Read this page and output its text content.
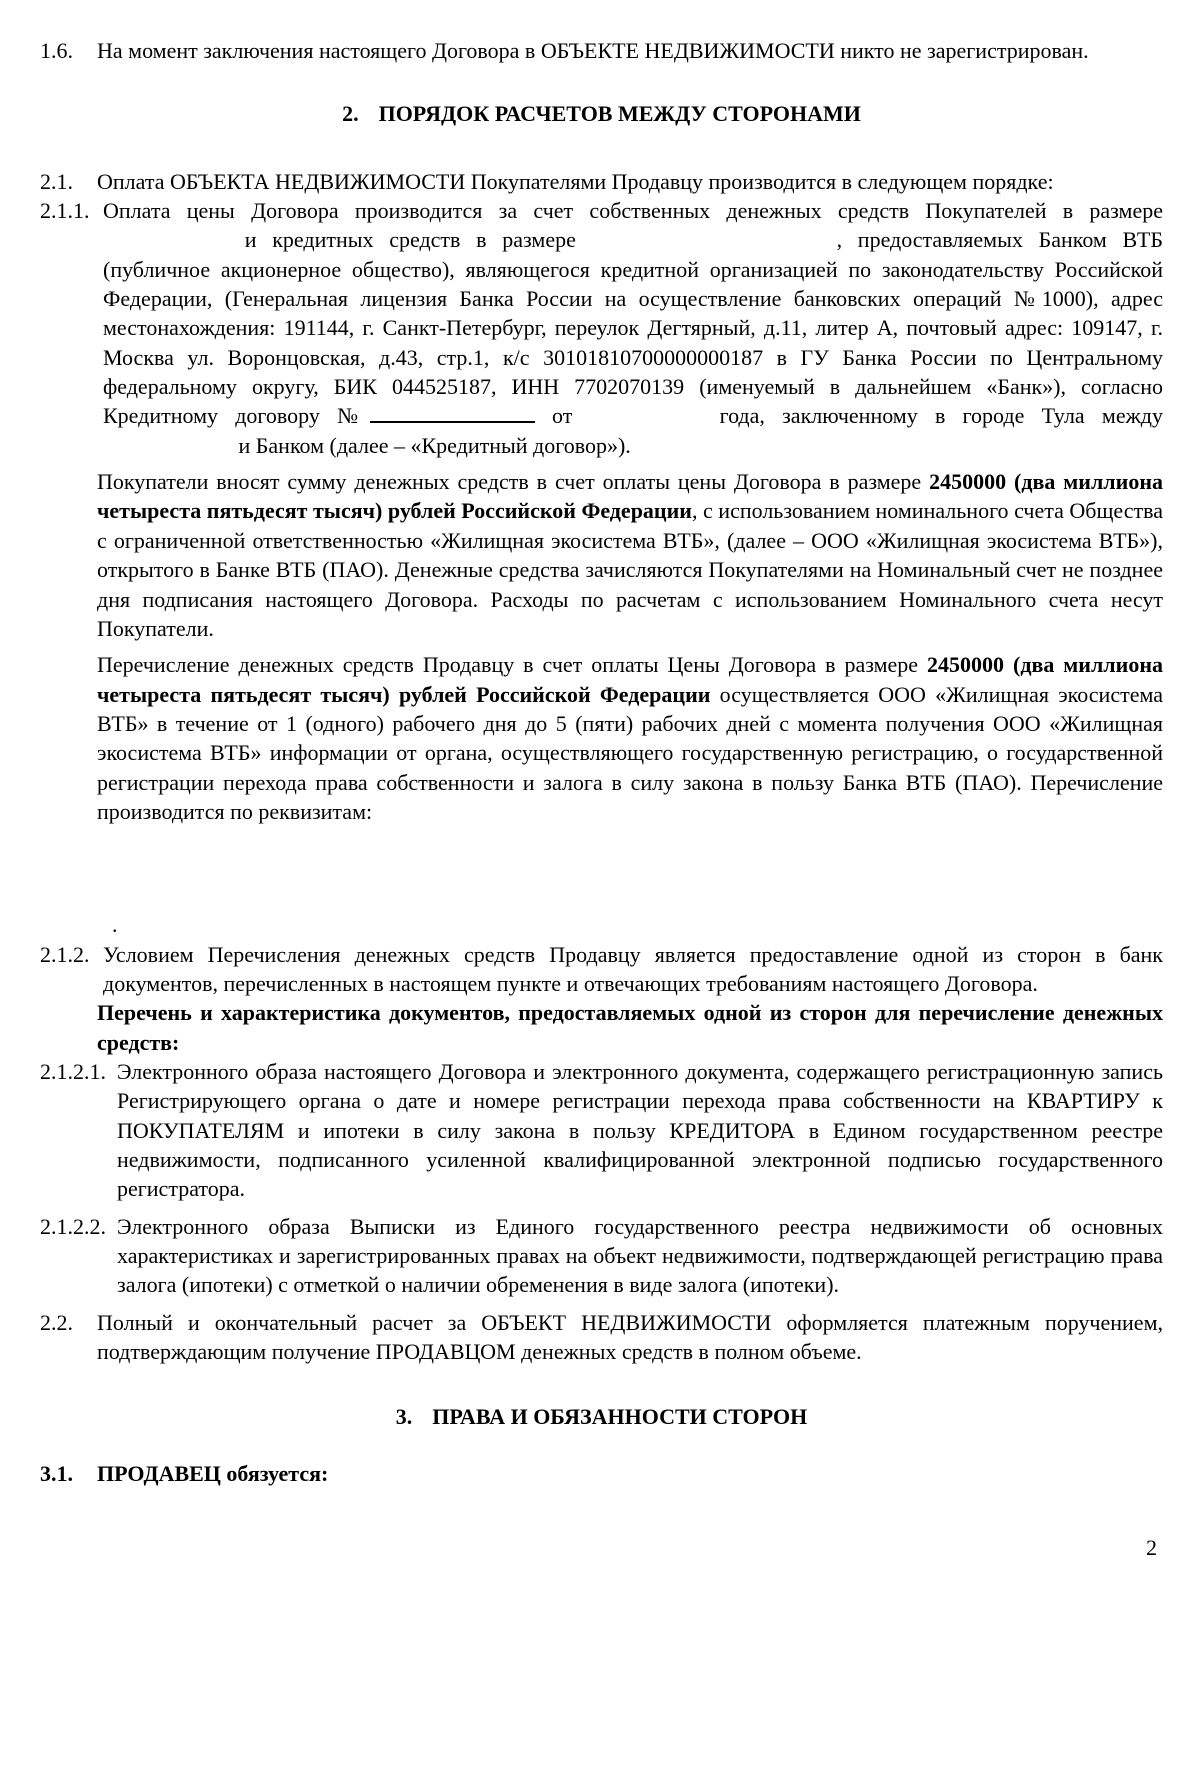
1.6. На момент заключения настоящего Договора в ОБЪЕКТЕ НЕДВИЖИМОСТИ никто не зарегистрирован.
2. ПОРЯДОК РАСЧЕТОВ МЕЖДУ СТОРОНАМИ
2.1. Оплата ОБЪЕКТА НЕДВИЖИМОСТИ Покупателями Продавцу производится в следующем порядке:
2.1.1. Оплата цены Договора производится за счет собственных денежных средств Покупателей в размере и кредитных средств в размере	, предоставляемых Банком ВТБ (публичное акционерное общество), являющегося кредитной организацией по законодательству Российской Федерации, (Генеральная лицензия Банка России на осуществление банковских операций №1000), адрес местонахождения: 191144, г. Санкт-Петербург, переулок Дегтярный, д.11, литер А, почтовый адрес: 109147, г. Москва ул. Воронцовская, д.43, стр.1, к/с 30101810700000000187 в ГУ Банка России по Центральному федеральному округу, БИК 044525187, ИНН 7702070139 (именуемый в дальнейшем «Банк»), согласно Кредитному договору №	от	года, заключенному в городе Тула между и Банком (далее – «Кредитный договор»).
Покупатели вносят сумму денежных средств в счет оплаты цены Договора в размере 2450000 (два миллиона четыреста пятьдесят тысяч) рублей Российской Федерации, с использованием номинального счета Общества с ограниченной ответственностью «Жилищная экосистема ВТБ», (далее – ООО «Жилищная экосистема ВТБ»), открытого в Банке ВТБ (ПАО). Денежные средства зачисляются Покупателями на Номинальный счет не позднее дня подписания настоящего Договора. Расходы по расчетам с использованием Номинального счета несут Покупатели.
Перечисление денежных средств Продавцу в счет оплаты Цены Договора в размере 2450000 (два миллиона четыреста пятьдесят тысяч) рублей Российской Федерации осуществляется ООО «Жилищная экосистема ВТБ» в течение от 1 (одного) рабочего дня до 5 (пяти) рабочих дней с момента получения ООО «Жилищная экосистема ВТБ» информации от органа, осуществляющего государственную регистрацию, о государственной регистрации перехода права собственности и залога в силу закона в пользу Банка ВТБ (ПАО). Перечисление производится по реквизитам:
.
2.1.2. Условием Перечисления денежных средств Продавцу является предоставление одной из сторон в банк документов, перечисленных в настоящем пункте и отвечающих требованиям настоящего Договора.
Перечень и характеристика документов, предоставляемых одной из сторон для перечисление денежных средств:
2.1.2.1. Электронного образа настоящего Договора и электронного документа, содержащего регистрационную запись Регистрирующего органа о дате и номере регистрации перехода права собственности на КВАРТИРУ к ПОКУПАТЕЛЯМ и ипотеки в силу закона в пользу КРЕДИТОРА в Едином государственном реестре недвижимости, подписанного усиленной квалифицированной электронной подписью государственного регистратора.
2.1.2.2. Электронного образа Выписки из Единого государственного реестра недвижимости об основных характеристиках и зарегистрированных правах на объект недвижимости, подтверждающей регистрацию права залога (ипотеки) с отметкой о наличии обременения в виде залога (ипотеки).
2.2. Полный и окончательный расчет за ОБЪЕКТ НЕДВИЖИМОСТИ оформляется платежным поручением, подтверждающим получение ПРОДАВЦОМ денежных средств в полном объеме.
3. ПРАВА И ОБЯЗАННОСТИ СТОРОН
3.1. ПРОДАВЕЦ обязуется:
2
